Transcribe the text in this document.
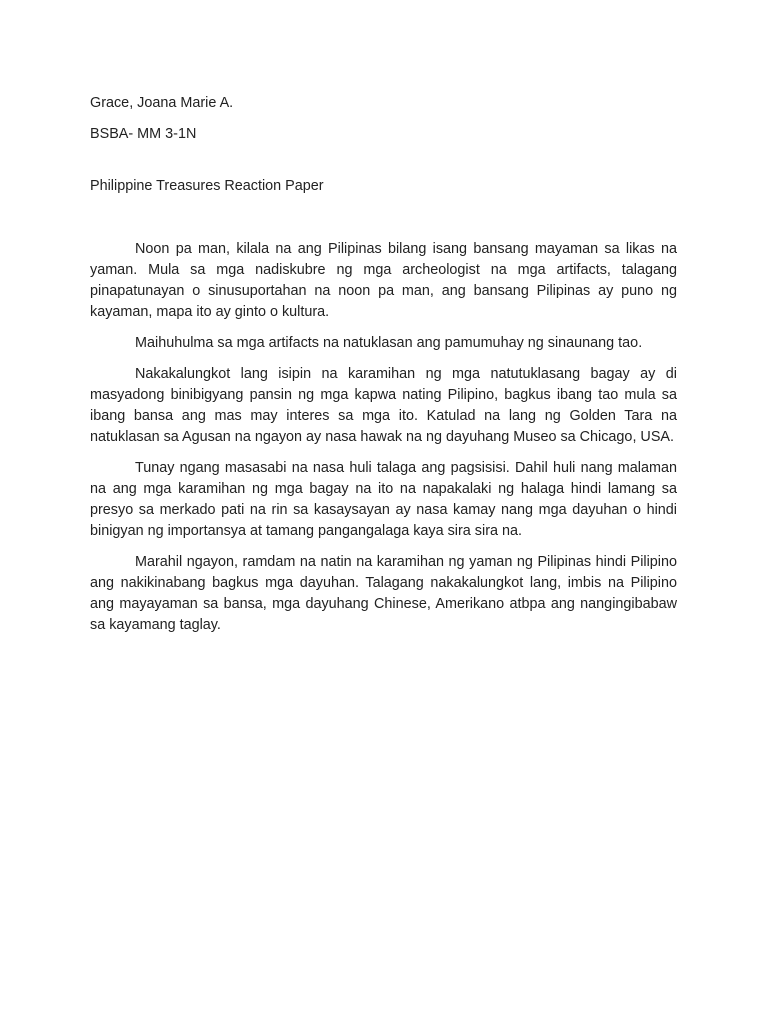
Grace, Joana Marie A.

BSBA- MM 3-1N

Philippine Treasures Reaction Paper

Noon pa man, kilala na ang Pilipinas bilang isang bansang mayaman sa likas na yaman. Mula sa mga nadiskubre ng mga archeologist na mga artifacts, talagang pinapatunayan o sinusuportahan na noon pa man, ang bansang Pilipinas ay puno ng kayaman, mapa ito ay ginto o kultura.

Maihuhulma sa mga artifacts na natuklasan ang pamumuhay ng sinaunang tao.

Nakakalungkot lang isipin na karamihan ng mga natutuklasang bagay ay di masyadong binibigyang pansin ng mga kapwa nating Pilipino, bagkus ibang tao mula sa ibang bansa ang mas may interes sa mga ito. Katulad na lang ng Golden Tara na natuklasan sa Agusan na ngayon ay nasa hawak na ng dayuhang Museo sa Chicago, USA.

Tunay ngang masasabi na nasa huli talaga ang pagsisisi. Dahil huli nang malaman na ang mga karamihan ng mga bagay na ito na napakalaki ng halaga hindi lamang sa presyo sa merkado pati na rin sa kasaysayan ay nasa kamay nang mga dayuhan o hindi binigyan ng importansya at tamang pangangalaga kaya sira sira na.

Marahil ngayon, ramdam na natin na karamihan ng yaman ng Pilipinas hindi Pilipino ang nakikinabang bagkus mga dayuhan. Talagang nakakalungkot lang, imbis na Pilipino ang mayayaman sa bansa, mga dayuhang Chinese, Amerikano atbpa ang nangingibabaw sa kayamang taglay.
